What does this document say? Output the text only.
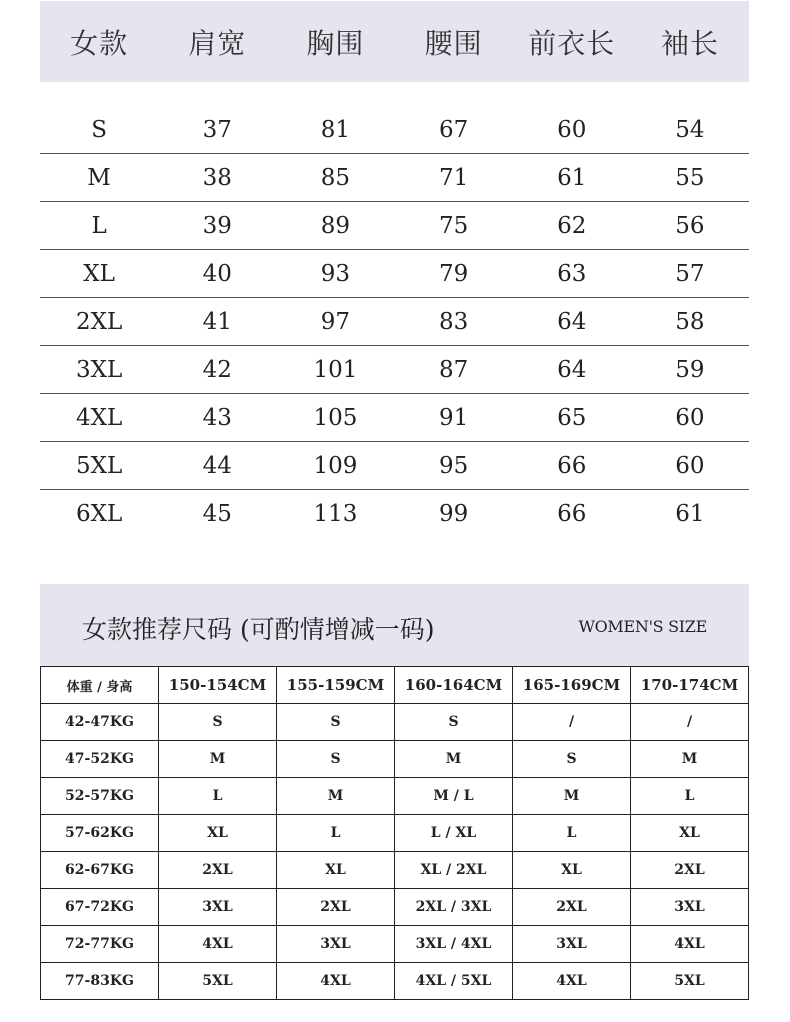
女款	肩宽	胸围	腰围	前衣长	袖长
S	37	81	67	60	54
M	38	85	71	61	55
L	39	89	75	62	56
XL	40	93	79	63	57
2XL	41	97	83	64	58
3XL	42	101	87	64	59
4XL	43	105	91	65	60
5XL	44	109	95	66	60
6XL	45	113	99	66	61
女款推荐尺码 (可酌情增减一码)	WOMEN'S SIZE
体重 / 身高	150-154CM	155-159CM	160-164CM	165-169CM	170-174CM
42-47KG	S	S	S	/	/
47-52KG	M	S	M	S	M
52-57KG	L	M	M / L	M	L
57-62KG	XL	L	L / XL	L	XL
62-67KG	2XL	XL	XL / 2XL	XL	2XL
67-72KG	3XL	2XL	2XL / 3XL	2XL	3XL
72-77KG	4XL	3XL	3XL / 4XL	3XL	4XL
77-83KG	5XL	4XL	4XL / 5XL	4XL	5XL
